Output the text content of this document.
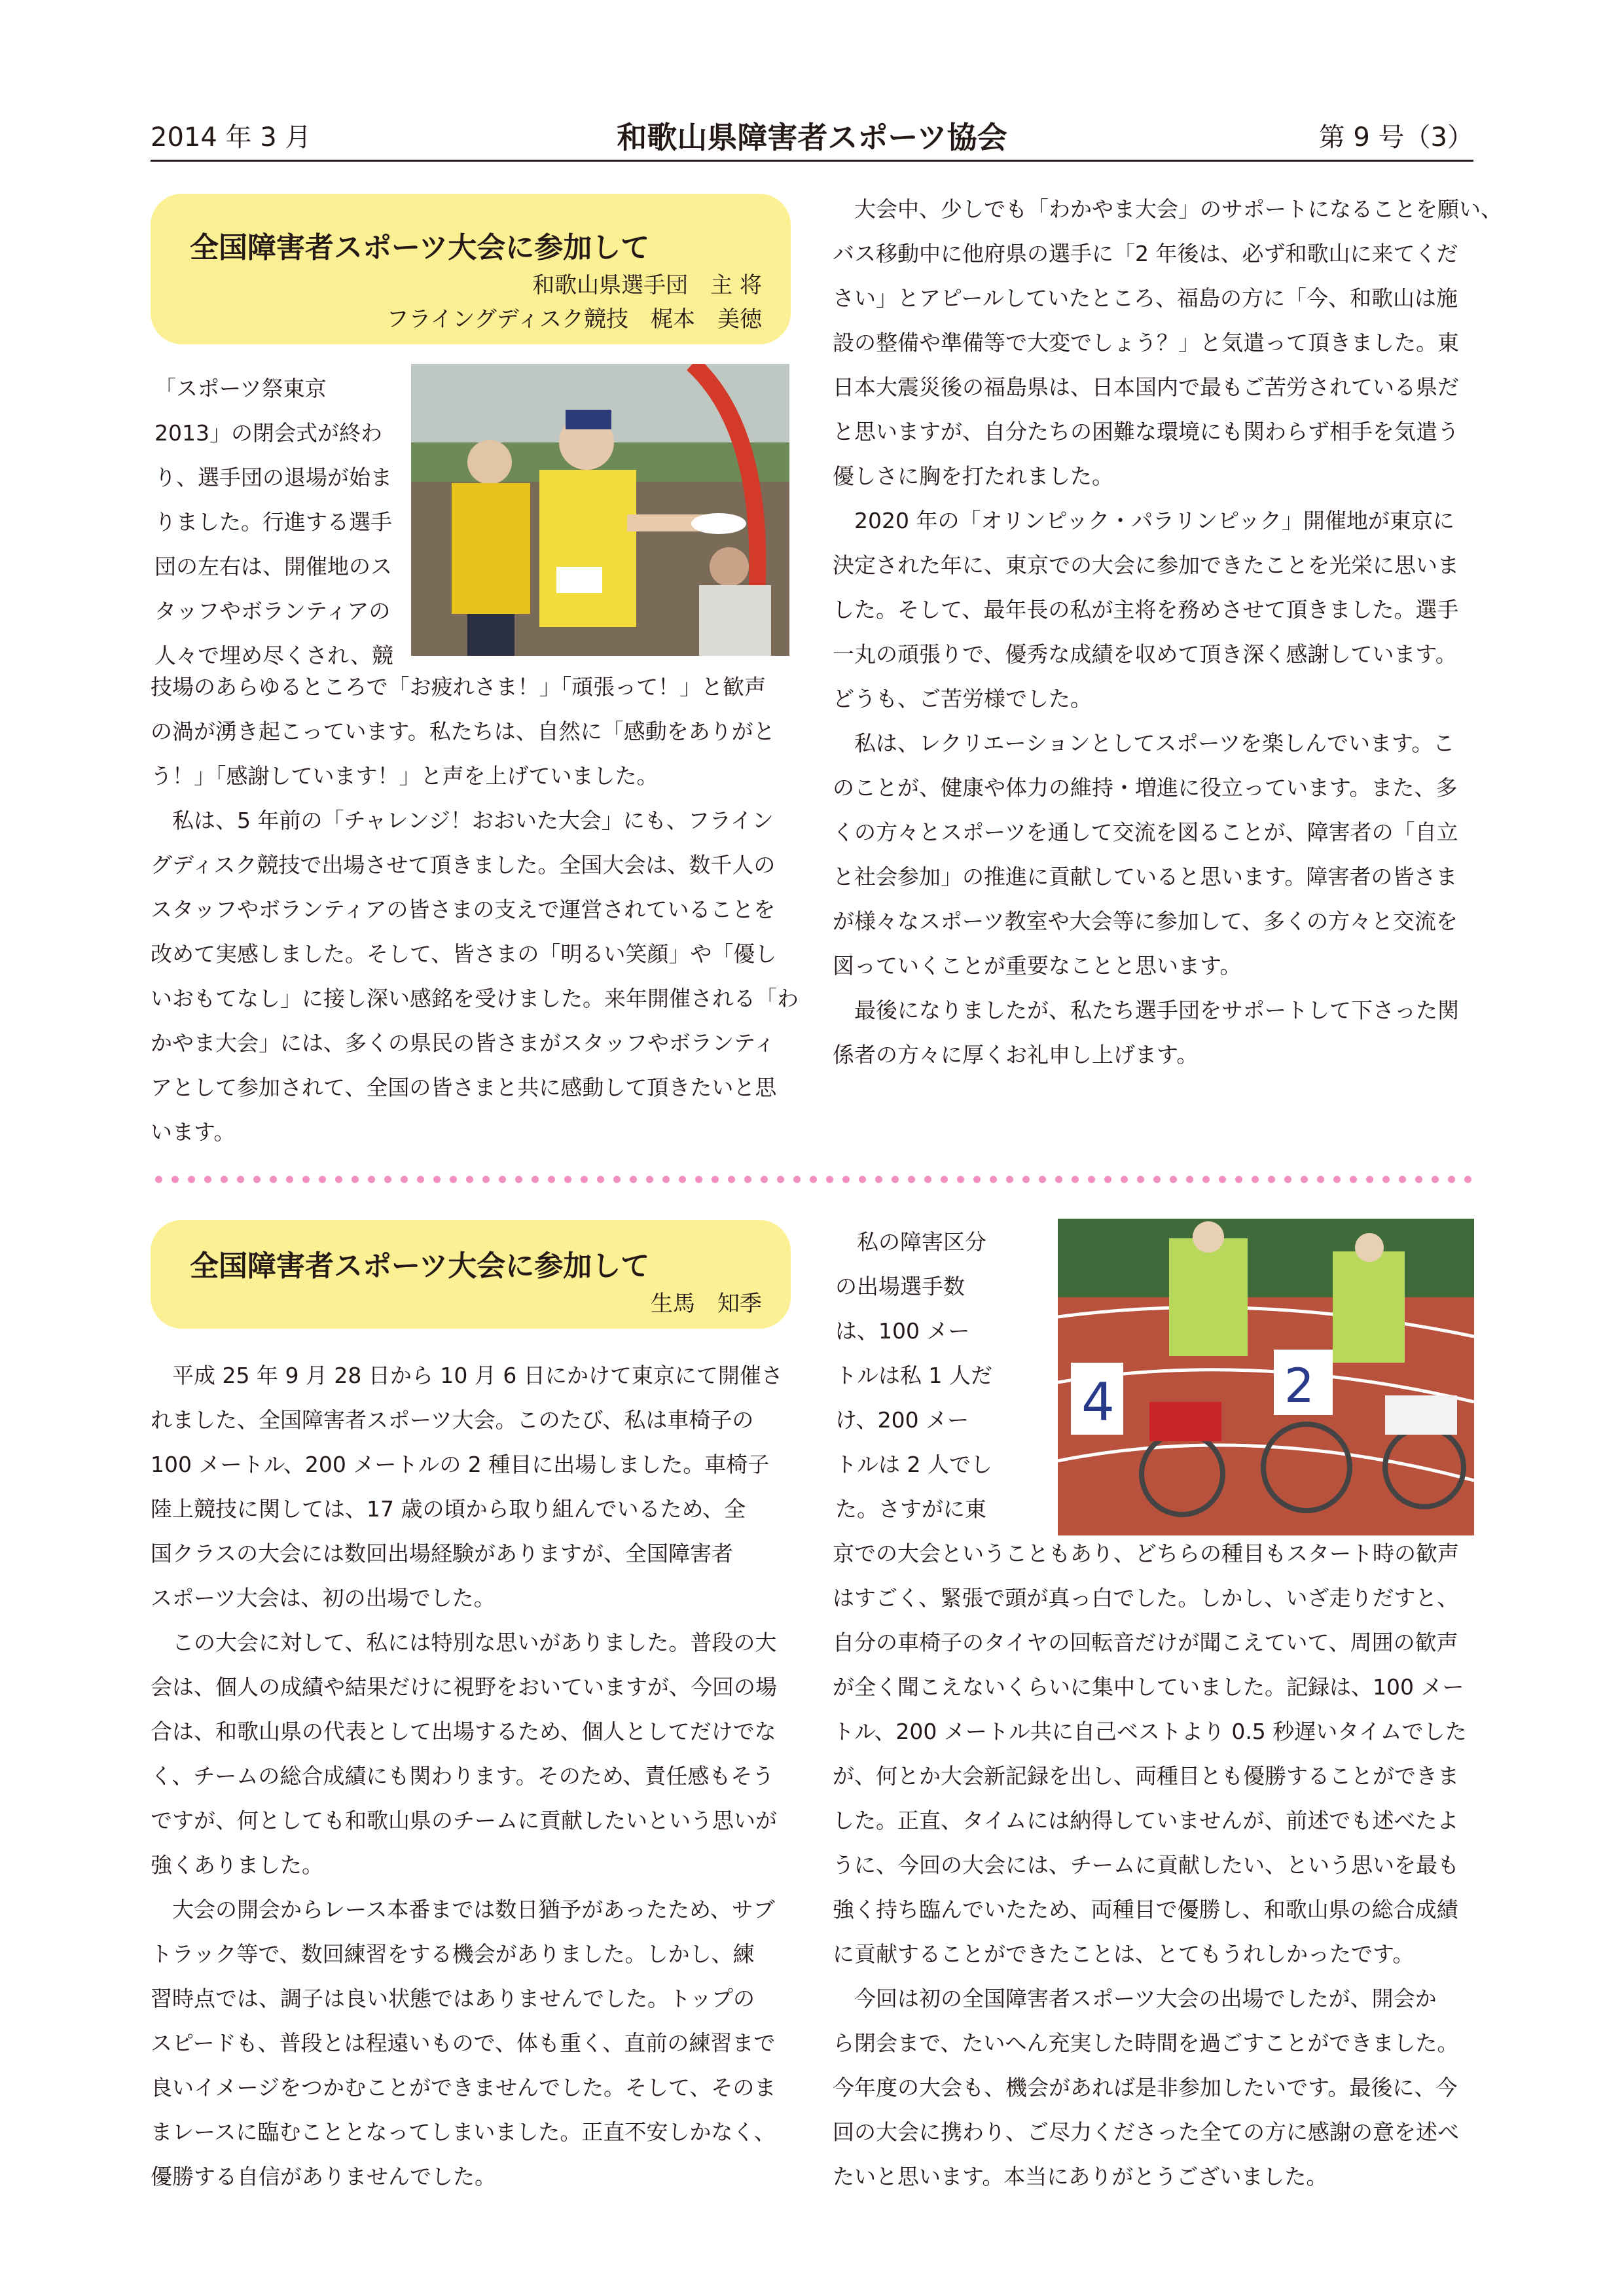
2014 年 3 月	和歌山県障害者スポーツ協会	第 9 号（3）
全国障害者スポーツ大会に参加して
和歌山県選手団　主 将
フライングディスク競技　梶本　美徳
「スポーツ祭東京
2013」の閉会式が終わ
り、選手団の退場が始ま
りました。行進する選手
団の左右は、開催地のス
タッフやボランティアの
人々で埋め尽くされ、競
技場のあらゆるところで「お疲れさま！」「頑張って！」と歓声
の渦が湧き起こっています。私たちは、自然に「感動をありがと
う！」「感謝しています！」と声を上げていました。
　私は、5 年前の「チャレンジ！おおいた大会」にも、フライン
グディスク競技で出場させて頂きました。全国大会は、数千人の
スタッフやボランティアの皆さまの支えで運営されていることを
改めて実感しました。そして、皆さまの「明るい笑顔」や「優し
いおもてなし」に接し深い感銘を受けました。来年開催される「わ
かやま大会」には、多くの県民の皆さまがスタッフやボランティ
アとして参加されて、全国の皆さまと共に感動して頂きたいと思
います。
　大会中、少しでも「わかやま大会」のサポートになることを願い、
バス移動中に他府県の選手に「2 年後は、必ず和歌山に来てくだ
さい」とアピールしていたところ、福島の方に「今、和歌山は施
設の整備や準備等で大変でしょう？」と気遣って頂きました。東
日本大震災後の福島県は、日本国内で最もご苦労されている県だ
と思いますが、自分たちの困難な環境にも関わらず相手を気遣う
優しさに胸を打たれました。
　2020 年の「オリンピック・パラリンピック」開催地が東京に
決定された年に、東京での大会に参加できたことを光栄に思いま
した。そして、最年長の私が主将を務めさせて頂きました。選手
一丸の頑張りで、優秀な成績を収めて頂き深く感謝しています。
どうも、ご苦労様でした。
　私は、レクリエーションとしてスポーツを楽しんでいます。こ
のことが、健康や体力の維持・増進に役立っています。また、多
くの方々とスポーツを通して交流を図ることが、障害者の「自立
と社会参加」の推進に貢献していると思います。障害者の皆さま
が様々なスポーツ教室や大会等に参加して、多くの方々と交流を
図っていくことが重要なことと思います。
　最後になりましたが、私たち選手団をサポートして下さった関
係者の方々に厚くお礼申し上げます。
全国障害者スポーツ大会に参加して
生馬　知季
　平成 25 年 9 月 28 日から 10 月 6 日にかけて東京にて開催さ
れました、全国障害者スポーツ大会。このたび、私は車椅子の
100 メートル、200 メートルの 2 種目に出場しました。車椅子
陸上競技に関しては、17 歳の頃から取り組んでいるため、全
国クラスの大会には数回出場経験がありますが、全国障害者
スポーツ大会は、初の出場でした。
　この大会に対して、私には特別な思いがありました。普段の大
会は、個人の成績や結果だけに視野をおいていますが、今回の場
合は、和歌山県の代表として出場するため、個人としてだけでな
く、チームの総合成績にも関わります。そのため、責任感もそう
ですが、何としても和歌山県のチームに貢献したいという思いが
強くありました。
　大会の開会からレース本番までは数日猶予があったため、サブ
トラック等で、数回練習をする機会がありました。しかし、練
習時点では、調子は良い状態ではありませんでした。トップの
スピードも、普段とは程遠いもので、体も重く、直前の練習まで
良いイメージをつかむことができませんでした。そして、そのま
まレースに臨むこととなってしまいました。正直不安しかなく、
優勝する自信がありませんでした。
　私の障害区分
の出場選手数
は、100 メー
トルは私 1 人だ
け、200 メー
トルは 2 人でし
た。さすがに東
4	2
京での大会ということもあり、どちらの種目もスタート時の歓声
はすごく、緊張で頭が真っ白でした。しかし、いざ走りだすと、
自分の車椅子のタイヤの回転音だけが聞こえていて、周囲の歓声
が全く聞こえないくらいに集中していました。記録は、100 メー
トル、200 メートル共に自己ベストより 0.5 秒遅いタイムでした
が、何とか大会新記録を出し、両種目とも優勝することができま
した。正直、タイムには納得していませんが、前述でも述べたよ
うに、今回の大会には、チームに貢献したい、という思いを最も
強く持ち臨んでいたため、両種目で優勝し、和歌山県の総合成績
に貢献することができたことは、とてもうれしかったです。
　今回は初の全国障害者スポーツ大会の出場でしたが、開会か
ら閉会まで、たいへん充実した時間を過ごすことができました。
今年度の大会も、機会があれば是非参加したいです。最後に、今
回の大会に携わり、ご尽力くださった全ての方に感謝の意を述べ
たいと思います。本当にありがとうございました。
